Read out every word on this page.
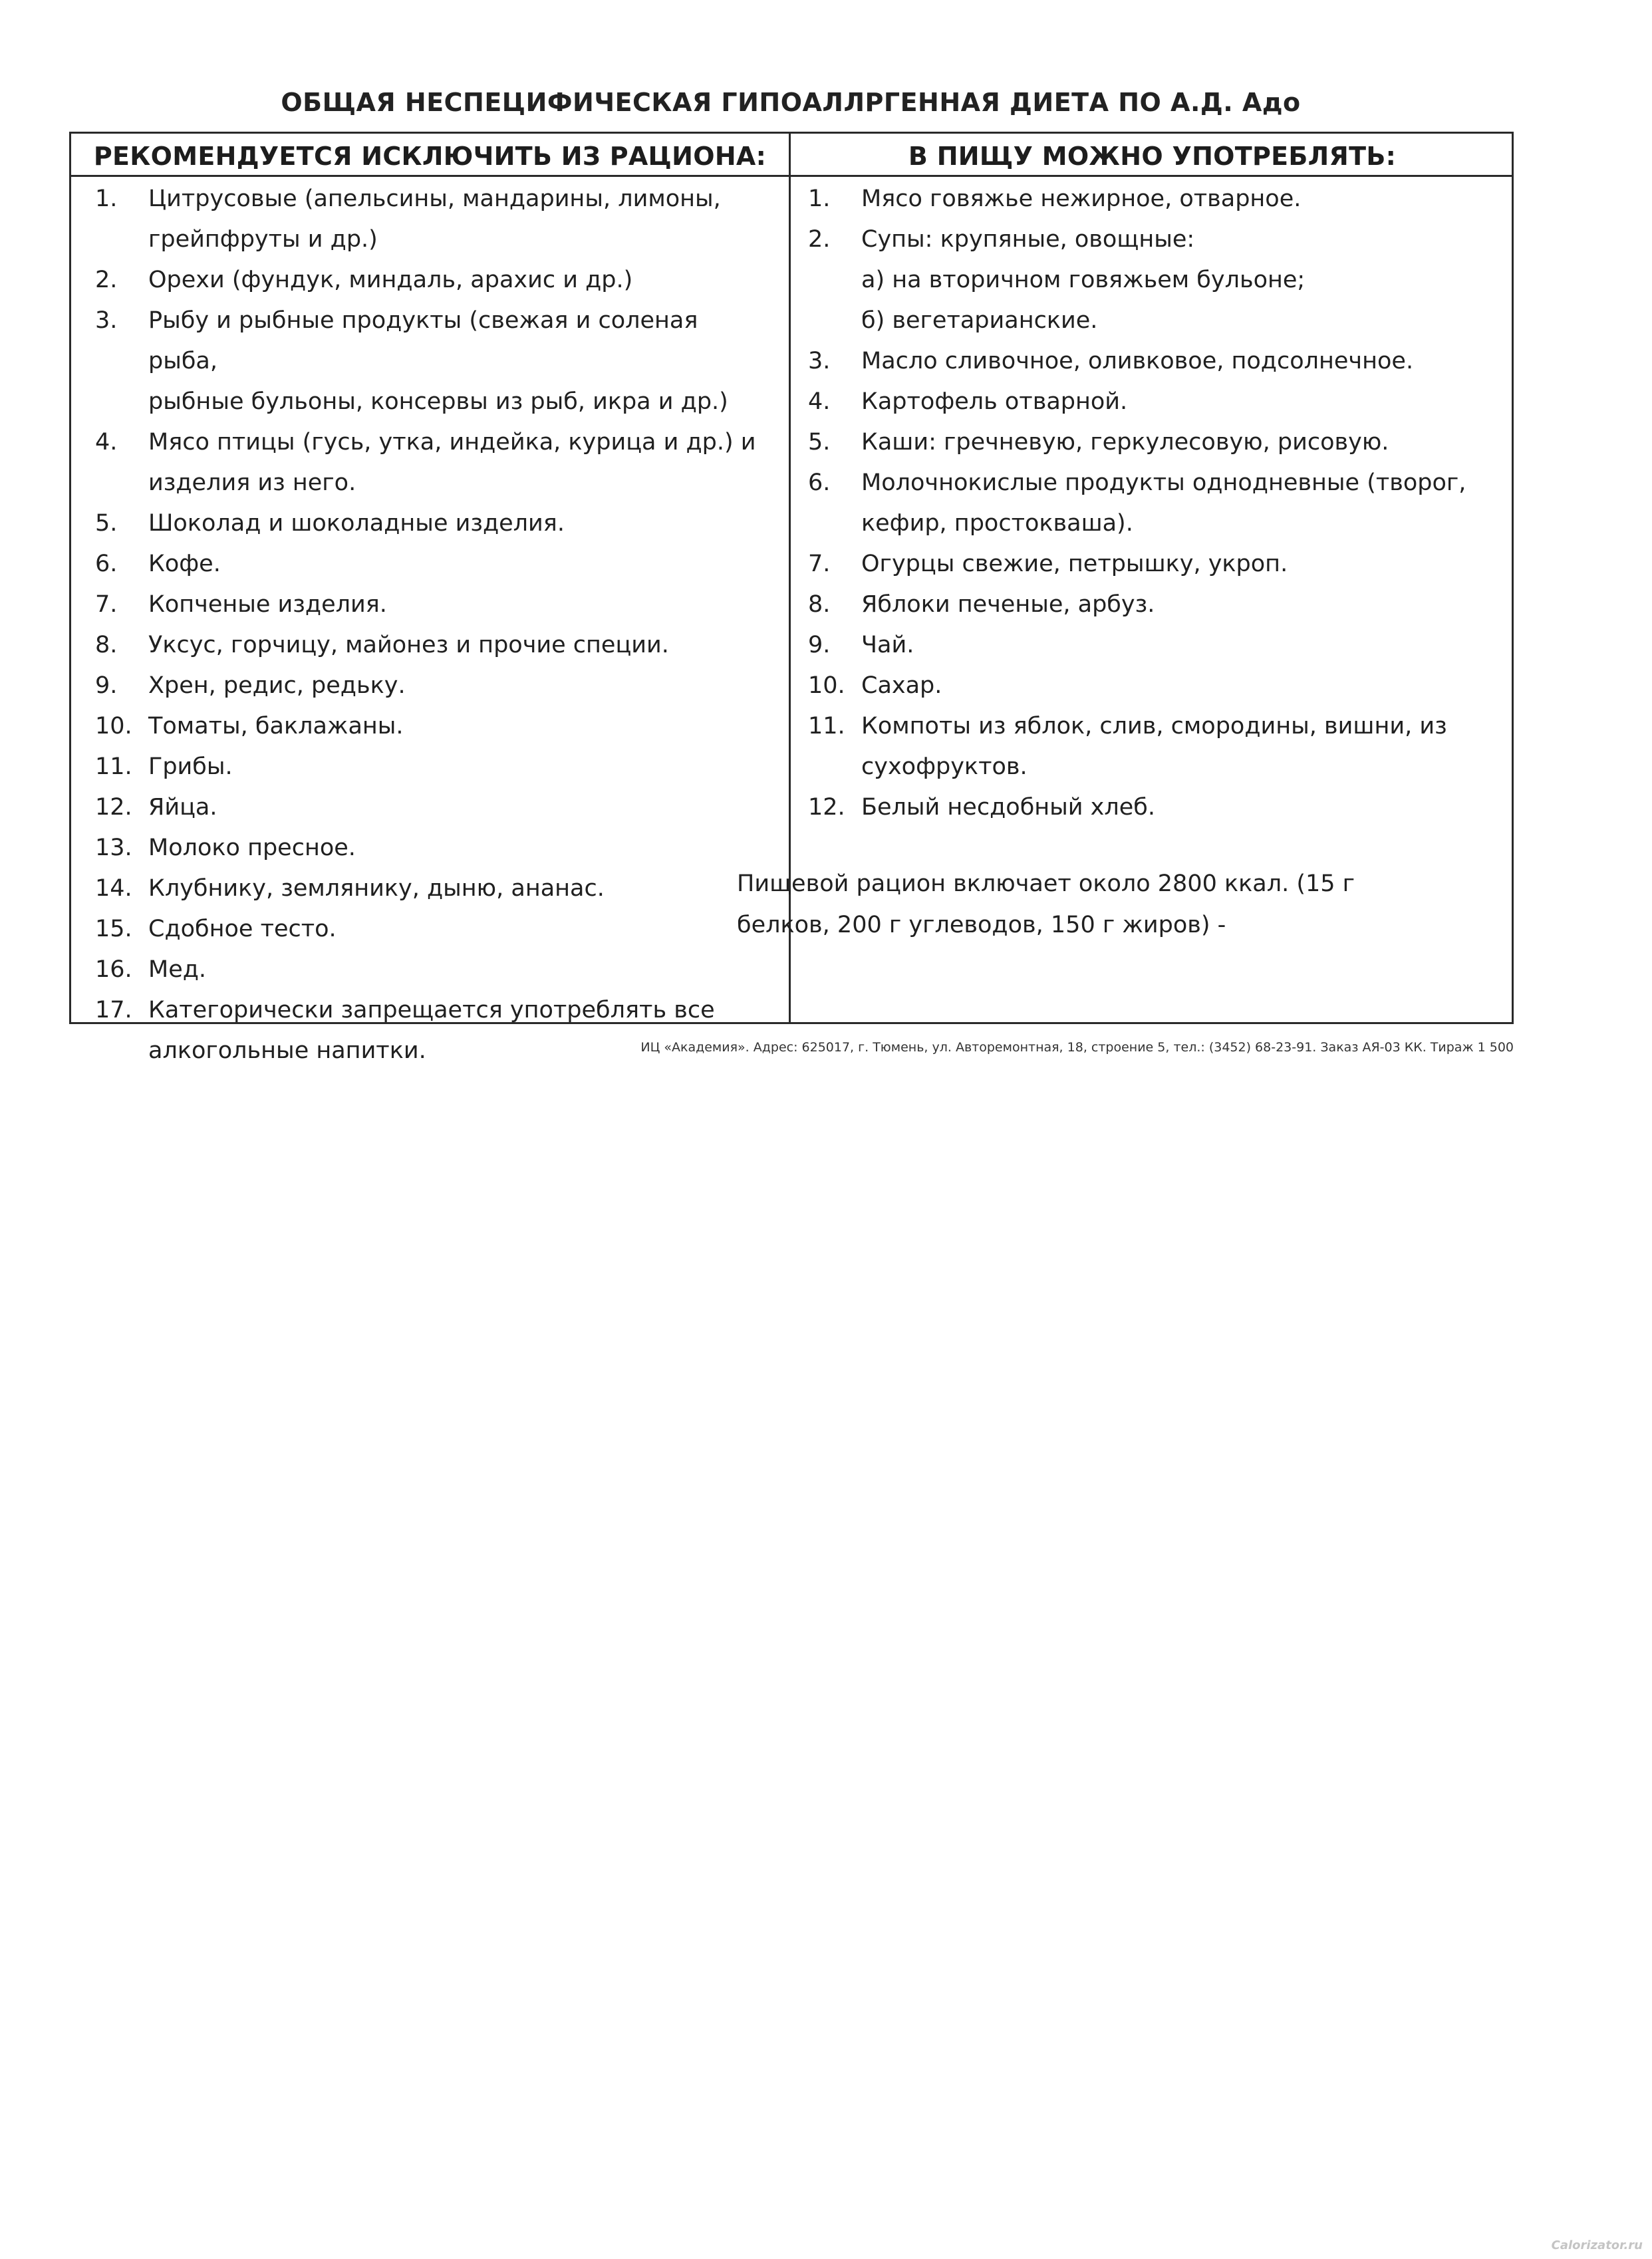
ОБЩАЯ НЕСПЕЦИФИЧЕСКАЯ ГИПОАЛЛРГЕННАЯ ДИЕТА ПО А.Д. Адо
РЕКОМЕНДУЕТСЯ ИСКЛЮЧИТЬ ИЗ РАЦИОНА:	В ПИЩУ МОЖНО УПОТРЕБЛЯТЬ:
1.	Цитрусовые (апельсины, мандарины, лимоны,
грейпфруты и др.)
2.	Орехи (фундук, миндаль, арахис и др.)
3.	Рыбу и рыбные продукты (свежая и соленая рыба,
рыбные бульоны, консервы из рыб, икра и др.)
4.	Мясо птицы (гусь, утка, индейка, курица и др.) и
изделия из него.
5.	Шоколад и шоколадные изделия.
6.	Кофе.
7.	Копченые изделия.
8.	Уксус, горчицу, майонез и прочие специи.
9.	Хрен, редис, редьку.
10. Томаты, баклажаны.
11. Грибы.
12. Яйца.
13. Молоко пресное.
14. Клубнику, землянику, дыню, ананас.
15. Сдобное тесто.
16. Мед.
17. Категорически запрещается употреблять все
алкогольные напитки.
1.	Мясо говяжье нежирное, отварное.
2.	Супы: крупяные, овощные:
а) на вторичном говяжьем бульоне;
б) вегетарианские.
3.	Масло сливочное, оливковое, подсолнечное.
4.	Картофель отварной.
5.	Каши: гречневую, геркулесовую, рисовую.
6.	Молочнокислые продукты однодневные (творог,
кефир, простокваша).
7.	Огурцы свежие, петрышку, укроп.
8.	Яблоки печеные, арбуз.
9.	Чай.
10. Сахар.
11. Компоты из яблок, слив, смородины, вишни, из
сухофруктов.
12. Белый несдобный хлеб.
Пищевой рацион включает около 2800 ккал. (15 г
белков, 200 г углеводов, 150 г жиров) -
ИЦ «Академия». Адрес: 625017, г. Тюмень, ул. Авторемонтная, 18, строение 5, тел.: (3452) 68-23-91. Заказ АЯ-03 КК. Тираж 1 500
Calorizator.ru
